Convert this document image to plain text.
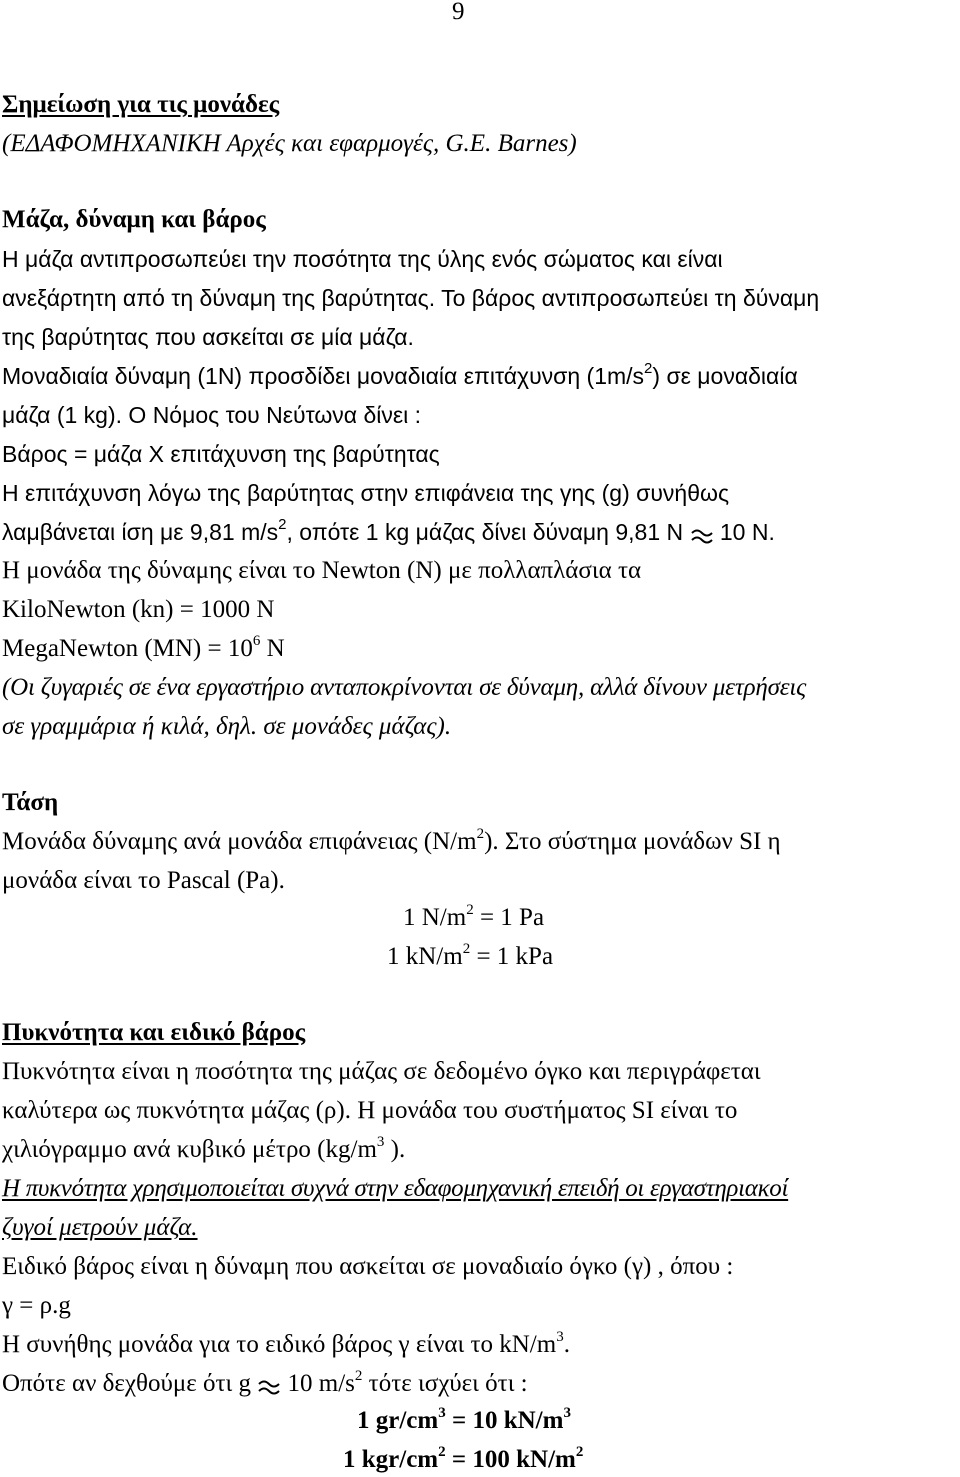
9
Σημείωση για τις μονάδες
(ΕΔΑΦΟΜΗΧΑΝΙΚΗ Αρχές και εφαρμογές, G.E. Barnes)
Μάζα, δύναμη και βάρος
Η μάζα αντιπροσωπεύει την ποσότητα της ύλης ενός σώματος και είναι
ανεξάρτητη από τη δύναμη της βαρύτητας. Το βάρος αντιπροσωπεύει τη δύναμη
της βαρύτητας που ασκείται σε μία μάζα.
Μοναδιαία δύναμη (1N) προσδίδει μοναδιαία επιτάχυνση $(1m/s^2)$ σε μοναδιαία
μάζα (1 kg). Ο Νόμος του Νεύτωνα δίνει :
Βάρος = μάζα Χ επιτάχυνση της βαρύτητας
Η επιτάχυνση λόγω της βαρύτητας στην επιφάνεια της γης (g) συνήθως
λαμβάνεται ίση με 9,81 $m/s^2$, οπότε 1 kg μάζας δίνει δύναμη 9,81 Ν  10 Ν.
Η μονάδα της δύναμης είναι το Newton (N) με πολλαπλάσια τα
KiloNewton (kn) = 1000 N
MegaNewton $(MN) = 10^6$ N
(Οι ζυγαριές σε ένα εργαστήριο ανταποκρίνονται σε δύναμη, αλλά δίνουν μετρήσεις
σε γραμμάρια ή κιλά, δηλ. σε μονάδες μάζας).
Τάση
Μονάδα δύναμης ανά μονάδα επιφάνειας $(N/m^2)$. Στο σύστημα μονάδων SI η
μονάδα είναι το Pascal (Pa).
1 $N/m^2 = 1$ Pa
1 $kN/m^2 = 1$ kPa
Πυκνότητα και ειδικό βάρος
Πυκνότητα είναι η ποσότητα της μάζας σε δεδομένο όγκο και περιγράφεται
καλύτερα ως πυκνότητα μάζας (ρ). Η μονάδα του συστήματος SI είναι το
χιλιόγραμμο ανά κυβικό μέτρο ($kg/m^3$ ).
Η πυκνότητα χρησιμοποιείται συχνά στην εδαφομηχανική επειδή οι εργαστηριακοί
ζυγοί μετρούν μάζα.
Ειδικό βάρος είναι η δύναμη που ασκείται σε μοναδιαίο όγκο (γ) , όπου :
γ = ρ.g
Η συνήθης μονάδα για το ειδικό βάρος γ είναι το $kN/m^3$.
Οπότε αν δεχθούμε ότι g  10 $m/s^2$ τότε ισχύει ότι :
1 $gr/cm^3 = 10$ $kN/m^3$
1 kgr/$cm^2 = 100$ $kN/m^2$
